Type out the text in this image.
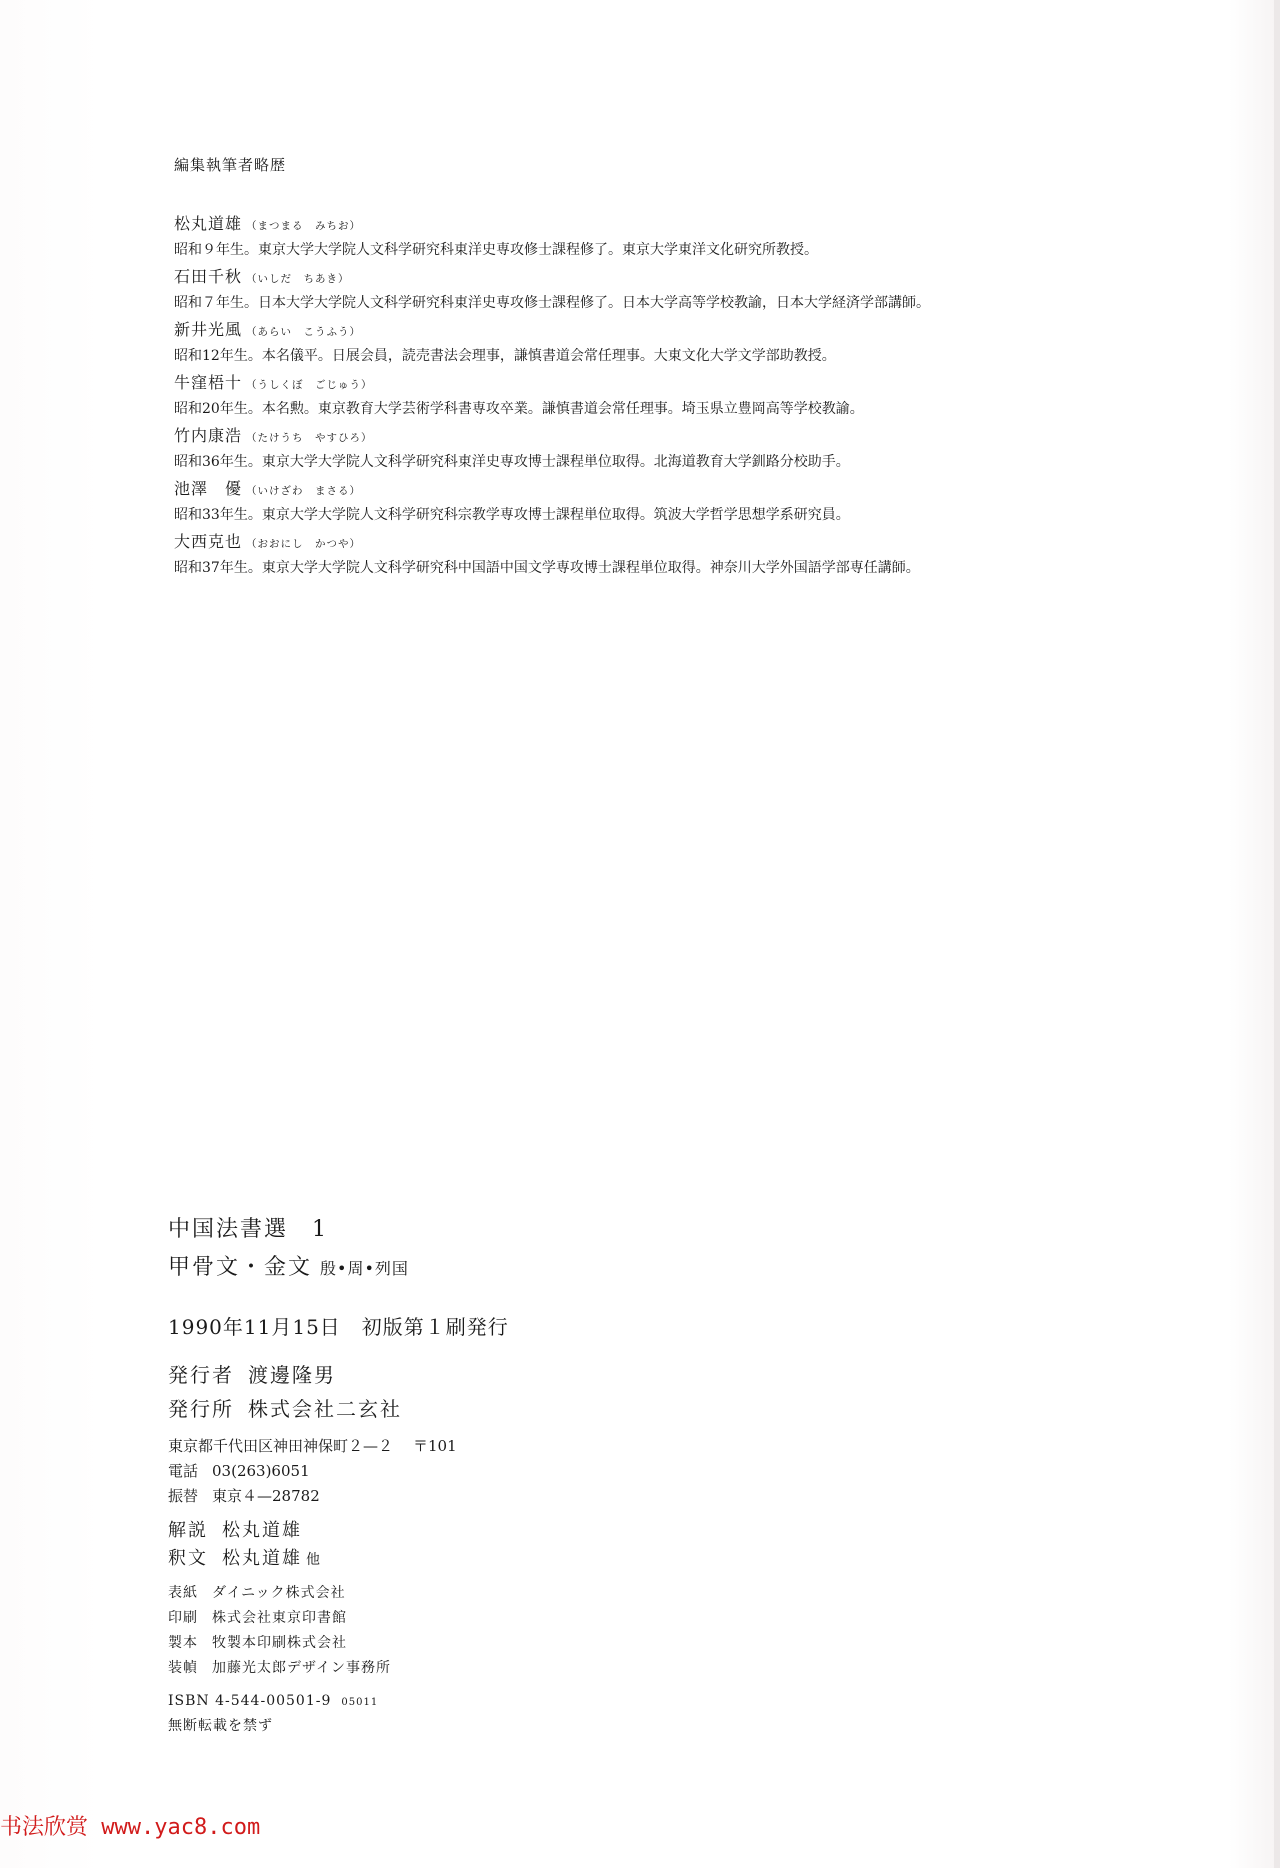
編集執筆者略歴
松丸道雄 （まつまる　みちお）
昭和９年生。東京大学大学院人文科学研究科東洋史専攻修士課程修了。東京大学東洋文化研究所教授。
石田千秋 （いしだ　ちあき）
昭和７年生。日本大学大学院人文科学研究科東洋史専攻修士課程修了。日本大学高等学校教諭，日本大学経済学部講師。
新井光風 （あらい　こうふう）
昭和12年生。本名儀平。日展会員，読売書法会理事，謙慎書道会常任理事。大東文化大学文学部助教授。
牛窪梧十 （うしくぼ　ごじゅう）
昭和20年生。本名勲。東京教育大学芸術学科書専攻卒業。謙慎書道会常任理事。埼玉県立豊岡高等学校教諭。
竹内康浩 （たけうち　やすひろ）
昭和36年生。東京大学大学院人文科学研究科東洋史専攻博士課程単位取得。北海道教育大学釧路分校助手。
池澤　優 （いけざわ　まさる）
昭和33年生。東京大学大学院人文科学研究科宗教学専攻博士課程単位取得。筑波大学哲学思想学系研究員。
大西克也 （おおにし　かつや）
昭和37年生。東京大学大学院人文科学研究科中国語中国文学専攻博士課程単位取得。神奈川大学外国語学部専任講師。
中国法書選　1
甲骨文・金文 殷•周•列国
1990年11月15日　初版第１刷発行
発行者 渡邊隆男
発行所 株式会社二玄社
東京都千代田区神田神保町２—２ 〒101
電話 03(263)6051
振替 東京４—28782
解説 松丸道雄
釈文 松丸道雄 他
表紙 ダイニック株式会社
印刷 株式会社東京印書館
製本 牧製本印刷株式会社
装幀 加藤光太郎デザイン事務所
ISBN 4-544-00501-9 05011
無断転載を禁ず
书法欣赏 www.yac8.com
